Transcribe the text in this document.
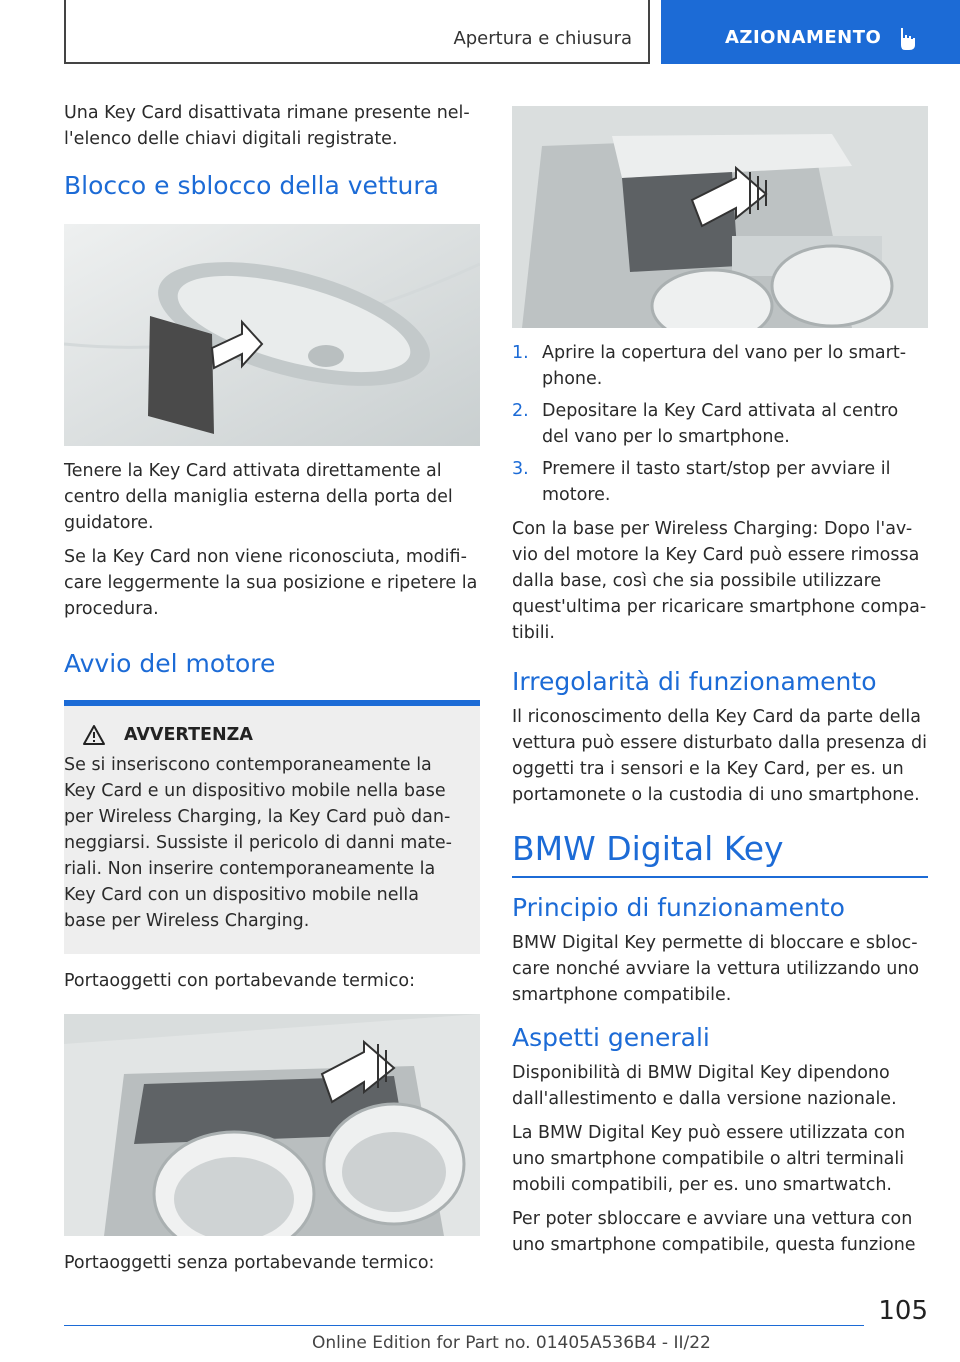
Apertura e chiusura	AZIONAMENTO

Una Key Card disattivata rimane presente nel-l'elenco delle chiavi digitali registrate.

Blocco e sblocco della vettura

Tenere la Key Card attivata direttamente al centro della maniglia esterna della porta del guidatore.

Se la Key Card non viene riconosciuta, modifi-care leggermente la sua posizione e ripetere la procedura.

Avvio del motore
AVVERTENZA

Se si inseriscono contemporaneamente la Key Card e un dispositivo mobile nella base per Wireless Charging, la Key Card può dan-neggiarsi. Sussiste il pericolo di danni mate-riali. Non inserire contemporaneamente la Key Card con un dispositivo mobile nella base per Wireless Charging.

Portaoggetti con portabevande termico:

Portaoggetti senza portabevande termico:

1. Aprire la copertura del vano per lo smart-phone.
2. Depositare la Key Card attivata al centro del vano per lo smartphone.
3. Premere il tasto start/stop per avviare il motore.

Con la base per Wireless Charging: Dopo l'av-vio del motore la Key Card può essere rimossa dalla base, così che sia possibile utilizzare quest'ultima per ricaricare smartphone compa-tibili.

Irregolarità di funzionamento

Il riconoscimento della Key Card da parte della vettura può essere disturbato dalla presenza di oggetti tra i sensori e la Key Card, per es. un portamonete o la custodia di uno smartphone.

BMW Digital Key
Principio di funzionamento

BMW Digital Key permette di bloccare e sbloc-care nonché avviare la vettura utilizzando uno smartphone compatibile.

Aspetti generali

Disponibilità di BMW Digital Key dipendono dall'allestimento e dalla versione nazionale.

La BMW Digital Key può essere utilizzata con uno smartphone compatibile o altri terminali mobili compatibili, per es. uno smartwatch.

Per poter sbloccare e avviare una vettura con uno smartphone compatibile, questa funzione

105
Online Edition for Part no. 01405A536B4 - II/22
